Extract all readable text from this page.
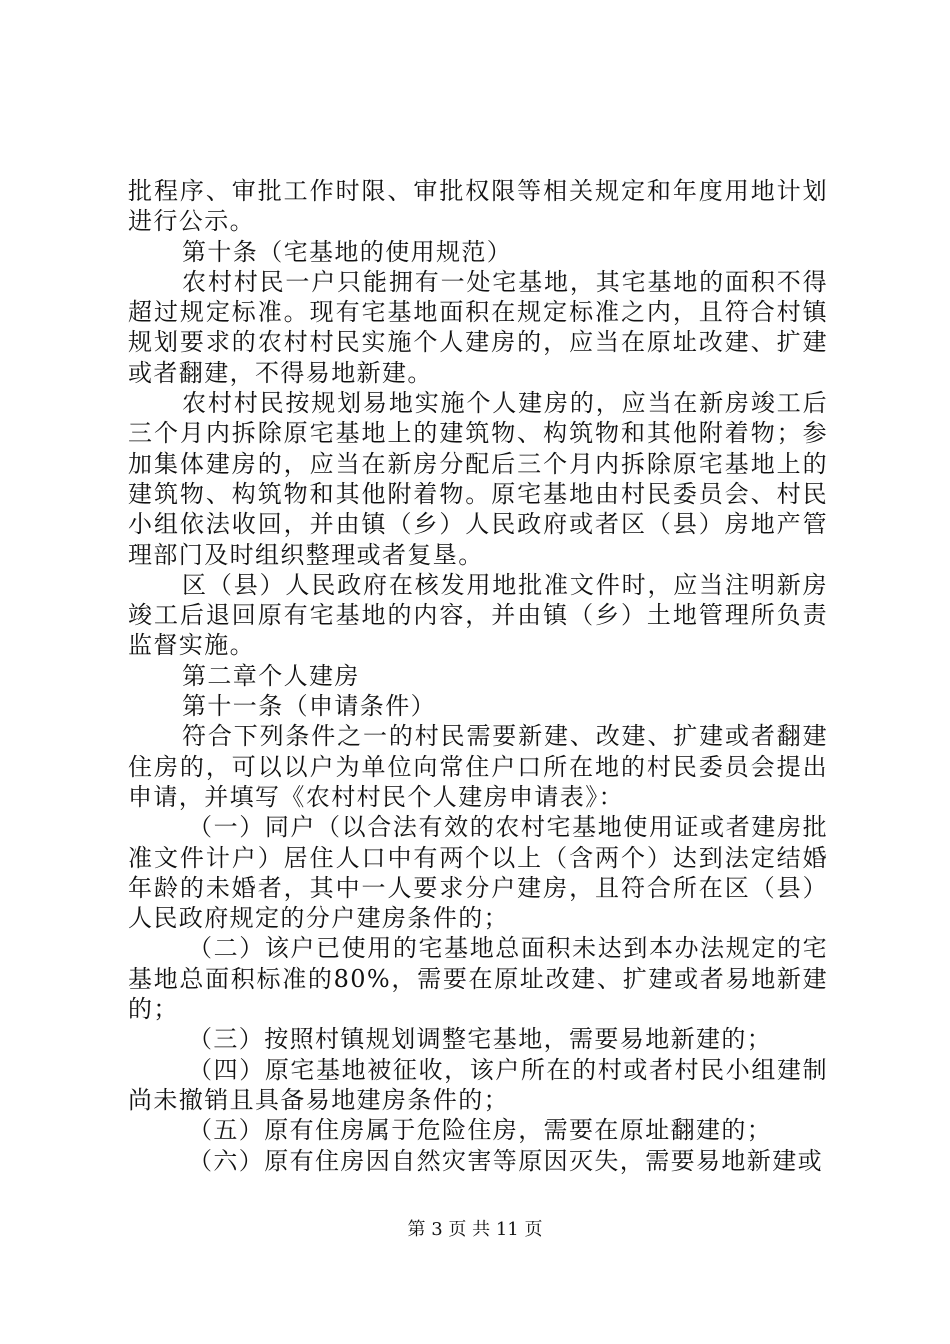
批程序、审批工作时限、审批权限等相关规定和年度用地计划进行公示。

第十条（宅基地的使用规范）

农村村民一户只能拥有一处宅基地，其宅基地的面积不得超过规定标准。现有宅基地面积在规定标准之内，且符合村镇规划要求的农村村民实施个人建房的，应当在原址改建、扩建或者翻建，不得易地新建。

农村村民按规划易地实施个人建房的，应当在新房竣工后三个月内拆除原宅基地上的建筑物、构筑物和其他附着物；参加集体建房的，应当在新房分配后三个月内拆除原宅基地上的建筑物、构筑物和其他附着物。原宅基地由村民委员会、村民小组依法收回，并由镇（乡）人民政府或者区（县）房地产管理部门及时组织整理或者复垦。

区（县）人民政府在核发用地批准文件时，应当注明新房竣工后退回原有宅基地的内容，并由镇（乡）土地管理所负责监督实施。

第二章个人建房

第十一条（申请条件）

符合下列条件之一的村民需要新建、改建、扩建或者翻建住房的，可以以户为单位向常住户口所在地的村民委员会提出申请，并填写《农村村民个人建房申请表》：

（一）同户（以合法有效的农村宅基地使用证或者建房批准文件计户）居住人口中有两个以上（含两个）达到法定结婚年龄的未婚者，其中一人要求分户建房，且符合所在区（县）人民政府规定的分户建房条件的；

（二）该户已使用的宅基地总面积未达到本办法规定的宅基地总面积标准的80%，需要在原址改建、扩建或者易地新建的；

（三）按照村镇规划调整宅基地，需要易地新建的；

（四）原宅基地被征收，该户所在的村或者村民小组建制尚未撤销且具备易地建房条件的；

（五）原有住房属于危险住房，需要在原址翻建的；

（六）原有住房因自然灾害等原因灭失，需要易地新建或

第 3 页 共 11 页
